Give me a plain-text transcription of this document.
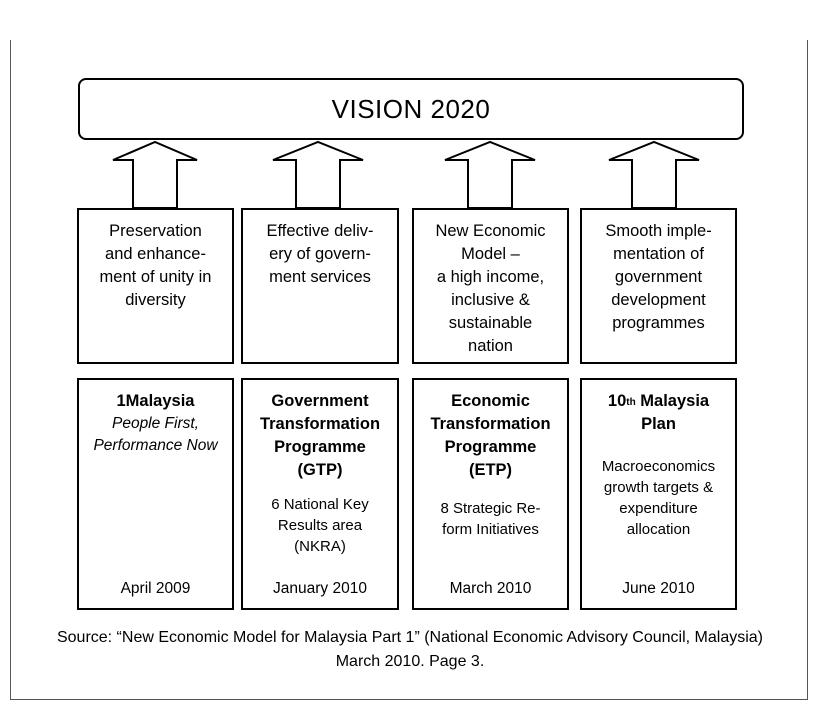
VISION 2020
Preservation
and enhance-
ment of unity in
diversity
Effective deliv-
ery of govern-
ment services
New Economic
Model –
a high income,
inclusive &
sustainable
nation
Smooth imple-
mentation of
government
development
programmes
1Malaysia
People First,
Performance Now
April 2009
Government
Transformation
Programme
(GTP)
6 National Key
Results area
(NKRA)
January 2010
Economic
Transformation
Programme
(ETP)
8 Strategic Re-
form Initiatives
March 2010
10th Malaysia
Plan
Macroeconomics
growth targets &
expenditure
allocation
June 2010
Source: “New Economic Model for Malaysia Part 1” (National Economic Advisory Council, Malaysia)
March 2010. Page 3.
